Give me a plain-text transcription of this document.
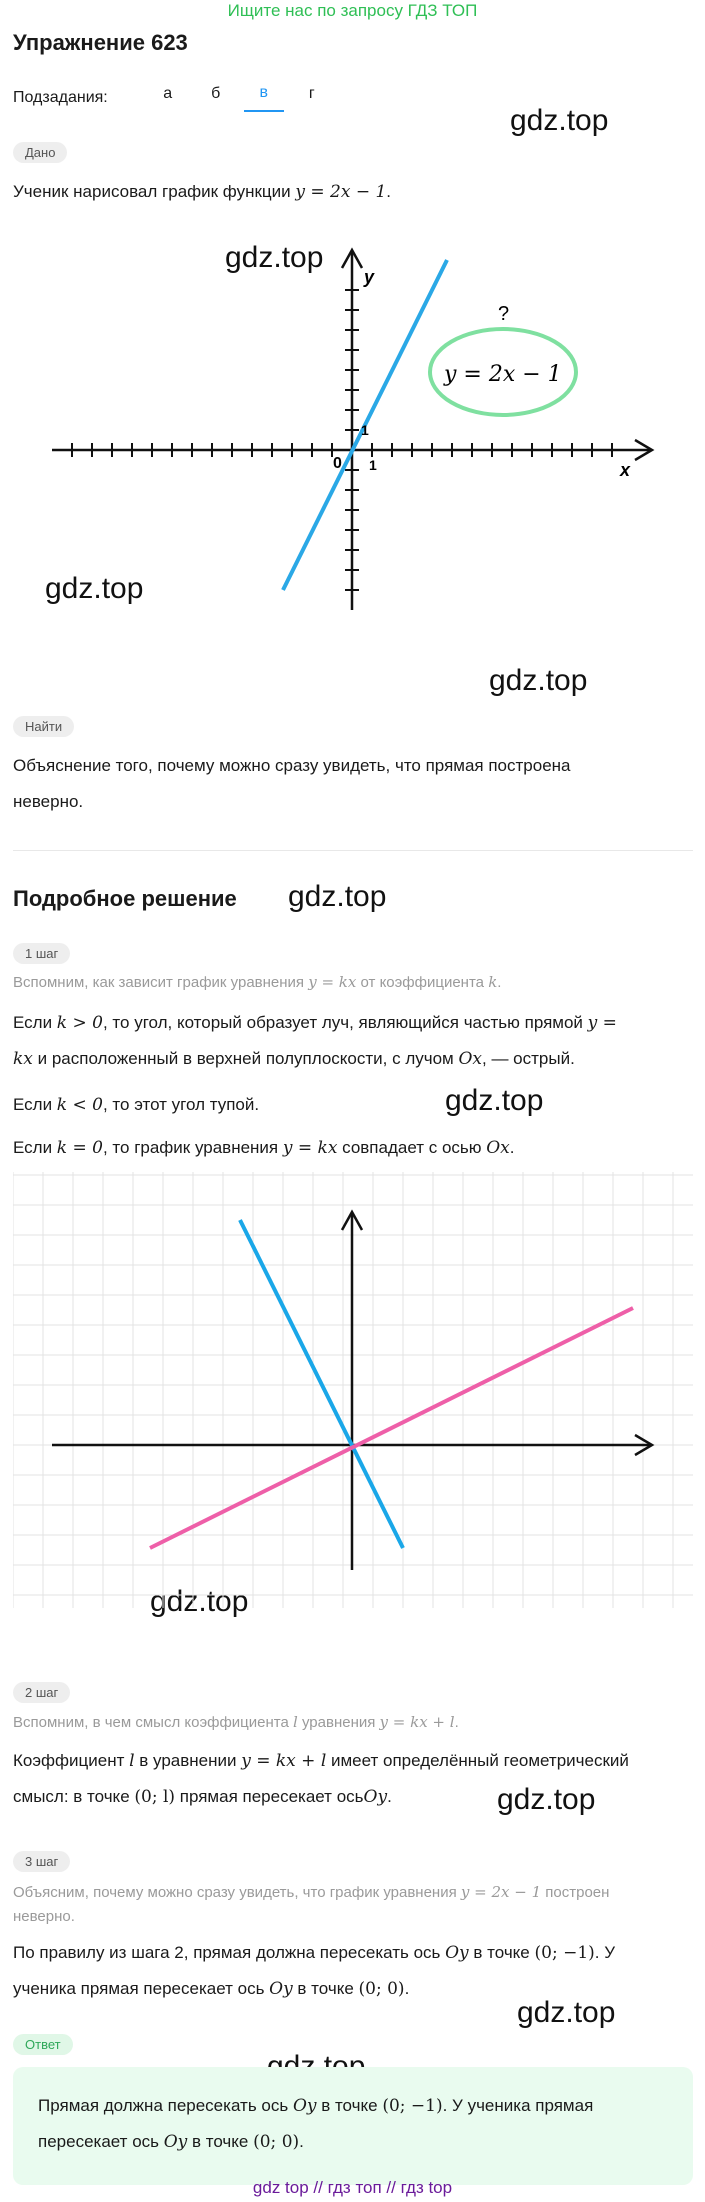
Ищите нас по запросу ГДЗ ТОП
Упражнение 623
Подзадания:	а	б	в	г
gdz.top
gdz.top
gdz.top
gdz.top
gdz.top
gdz.top
gdz.top
gdz.top
gdz.top
Дано
Ученик нарисовал график функции y = 2x − 1.
y = 2x − 1
?
x
y
0 1
1
Найти
Объяснение того, почему можно сразу увидеть, что прямая построена
неверно.
Подробное решение
1 шаг
Вспомним, как зависит график уравнения y = kx от коэффициента k.
Если k > 0, то угол, который образует луч, являющийся частью прямой y =
kx и расположенный в верхней полуплоскости, с лучом Ox, — острый.
Если k < 0, то этот угол тупой.
Если k = 0, то график уравнения y = kx совпадает с осью Ox.
2 шаг
Вспомним, в чем смысл коэффициента l уравнения y = kx + l.
Коэффициент l в уравнении y = kx + l имеет определённый геометрический
смысл: в точке (0; l) прямая пересекает осьOy.
3 шаг
Объясним, почему можно сразу увидеть, что график уравнения y = 2x − 1 построен
неверно.
По правилу из шага 2, прямая должна пересекать ось Oy в точке (0; −1). У
ученика прямая пересекает ось Oy в точке (0; 0).
Ответ
Прямая должна пересекать ось Oy в точке (0; −1). У ученика прямая
пересекает ось Oy в точке (0; 0).
gdz top // гдз топ // гдз top
